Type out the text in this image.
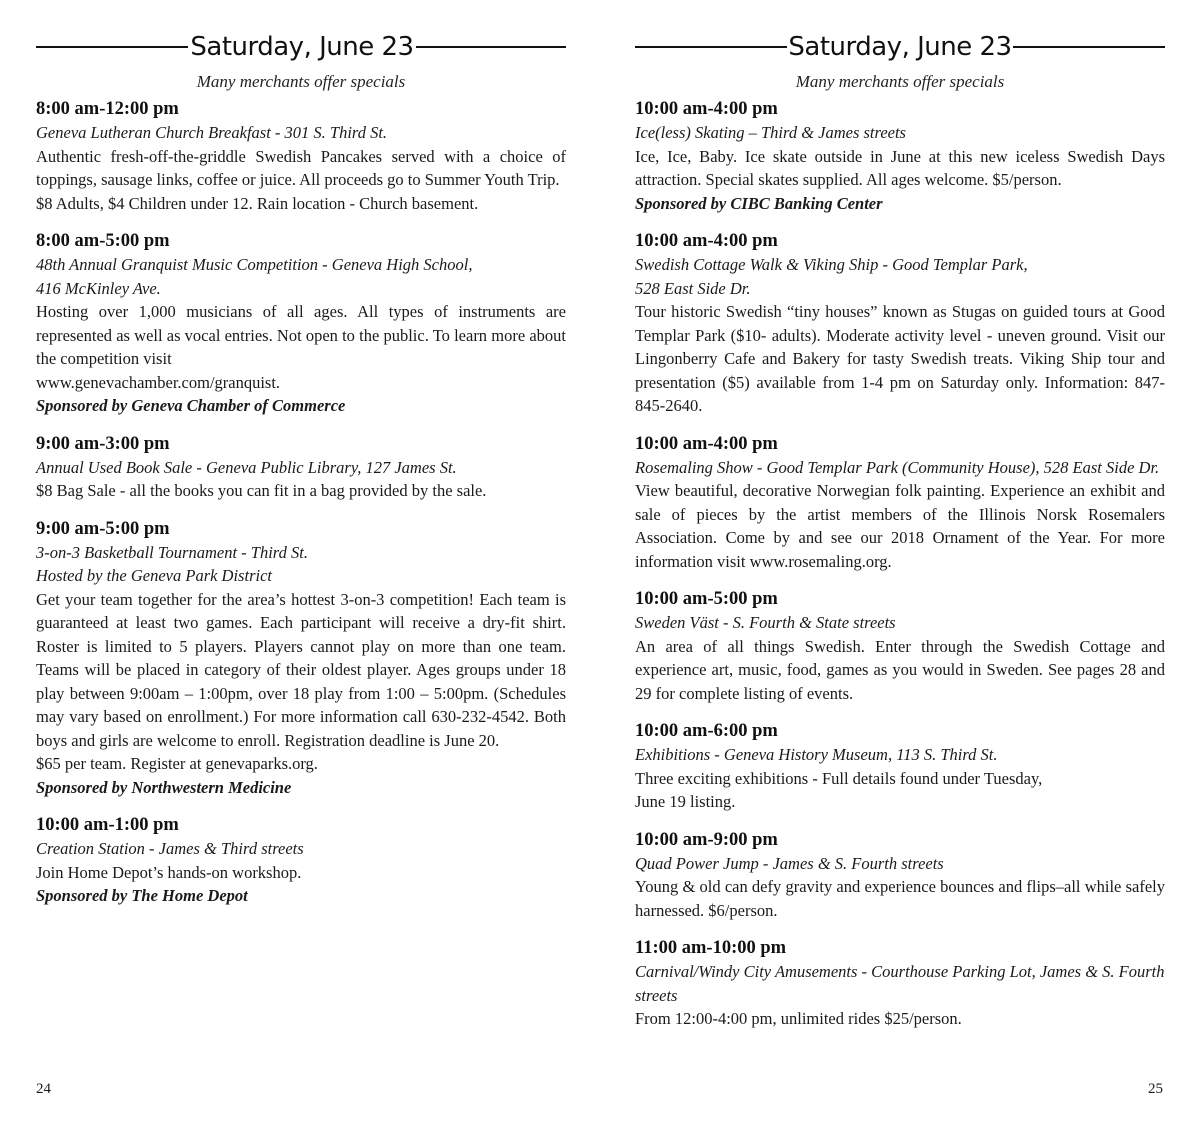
Saturday, June 23
Many merchants offer specials
8:00 am-12:00 pm
Geneva Lutheran Church Breakfast - 301 S. Third St.
Authentic fresh-off-the-griddle Swedish Pancakes served with a choice of toppings, sausage links, coffee or juice. All proceeds go to Summer Youth Trip.
$8 Adults, $4 Children under 12. Rain location - Church basement.
8:00 am-5:00 pm
48th Annual Granquist Music Competition - Geneva High School,
416 McKinley Ave.
Hosting over 1,000 musicians of all ages. All types of instruments are represented as well as vocal entries. Not open to the public. To learn more about the competition visit
www.genevachamber.com/granquist.
Sponsored by Geneva Chamber of Commerce
9:00 am-3:00 pm
Annual Used Book Sale - Geneva Public Library, 127 James St.
$8 Bag Sale - all the books you can fit in a bag provided by the sale.
9:00 am-5:00 pm
3-on-3 Basketball Tournament - Third St.
Hosted by the Geneva Park District
Get your team together for the area’s hottest 3-on-3 competition! Each team is guaranteed at least two games. Each participant will receive a dry-fit shirt. Roster is limited to 5 players. Players cannot play on more than one team. Teams will be placed in category of their oldest player. Ages groups under 18 play between 9:00am – 1:00pm, over 18 play from 1:00 – 5:00pm. (Schedules may vary based on enrollment.) For more information call 630-232-4542. Both boys and girls are welcome to enroll. Registration deadline is June 20.
$65 per team. Register at genevaparks.org.
Sponsored by Northwestern Medicine
10:00 am-1:00 pm
Creation Station - James & Third streets
Join Home Depot’s hands-on workshop.
Sponsored by The Home Depot
Saturday, June 23
Many merchants offer specials
10:00 am-4:00 pm
Ice(less) Skating – Third & James streets
Ice, Ice, Baby. Ice skate outside in June at this new iceless Swedish Days attraction. Special skates supplied. All ages welcome. $5/person.
Sponsored by CIBC Banking Center
10:00 am-4:00 pm
Swedish Cottage Walk & Viking Ship - Good Templar Park,
528 East Side Dr.
Tour historic Swedish “tiny houses” known as Stugas on guided tours at Good Templar Park ($10- adults). Moderate activity level - uneven ground. Visit our Lingonberry Cafe and Bakery for tasty Swedish treats. Viking Ship tour and presentation ($5) available from 1-4 pm on Saturday only. Information: 847-845-2640.
10:00 am-4:00 pm
Rosemaling Show - Good Templar Park (Community House), 528 East Side Dr.
View beautiful, decorative Norwegian folk painting. Experience an exhibit and sale of pieces by the artist members of the Illinois Norsk Rosemalers Association. Come by and see our 2018 Ornament of the Year. For more information visit www.rosemaling.org.
10:00 am-5:00 pm
Sweden Väst - S. Fourth & State streets
An area of all things Swedish. Enter through the Swedish Cottage and experience art, music, food, games as you would in Sweden. See pages 28 and 29 for complete listing of events.
10:00 am-6:00 pm
Exhibitions - Geneva History Museum, 113 S. Third St.
Three exciting exhibitions - Full details found under Tuesday,
June 19 listing.
10:00 am-9:00 pm
Quad Power Jump - James & S. Fourth streets
Young & old can defy gravity and experience bounces and flips–all while safely harnessed. $6/person.
11:00 am-10:00 pm
Carnival/Windy City Amusements - Courthouse Parking Lot, James & S. Fourth streets
From 12:00-4:00 pm, unlimited rides $25/person.
24	25
